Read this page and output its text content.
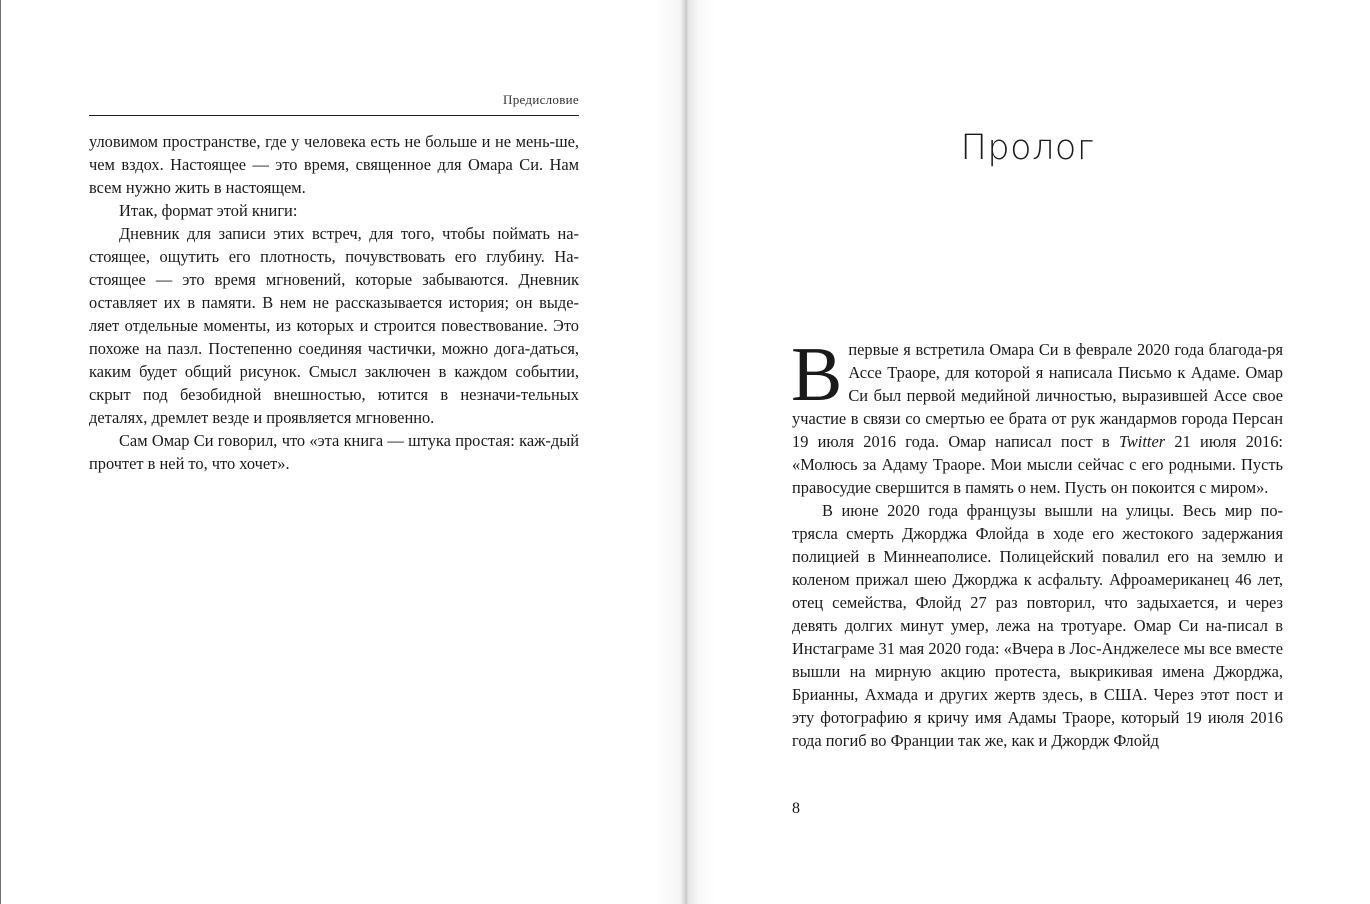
Предисловие

уловимом пространстве, где у человека есть не больше и не мень-ше, чем вздох. Настоящее — это время, священное для Омара Си. Нам всем нужно жить в настоящем.

Итак, формат этой книги:

Дневник для записи этих встреч, для того, чтобы поймать на-стоящее, ощутить его плотность, почувствовать его глубину. На-стоящее — это время мгновений, которые забываются. Дневник оставляет их в памяти. В нем не рассказывается история; он выде-ляет отдельные моменты, из которых и строится повествование. Это похоже на пазл. Постепенно соединяя частички, можно дога-даться, каким будет общий рисунок. Смысл заключен в каждом событии, скрыт под безобидной внешностью, ютится в незначи-тельных деталях, дремлет везде и проявляется мгновенно.

Сам Омар Си говорил, что «эта книга — штука простая: каж-дый прочтет в ней то, что хочет».

Пролог

Впервые я встретила Омара Си в феврале 2020 года благода-ря Ассе Траоре, для которой я написала Письмо к Адаме. Омар Си был первой медийной личностью, выразившей Ассе свое участие в связи со смертью ее брата от рук жандармов города Персан 19 июля 2016 года. Омар написал пост в Twitter 21 июля 2016: «Молюсь за Адаму Траоре. Мои мысли сейчас с его родными. Пусть правосудие свершится в память о нем. Пусть он покоится с миром».

В июне 2020 года французы вышли на улицы. Весь мир по-трясла смерть Джорджа Флойда в ходе его жестокого задержания полицией в Миннеаполисе. Полицейский повалил его на землю и коленом прижал шею Джорджа к асфальту. Афроамериканец 46 лет, отец семейства, Флойд 27 раз повторил, что задыхается, и через девять долгих минут умер, лежа на тротуаре. Омар Си на-писал в Инстаграме 31 мая 2020 года: «Вчера в Лос-Анджелесе мы все вместе вышли на мирную акцию протеста, выкрикивая имена Джорджа, Брианны, Ахмада и других жертв здесь, в США. Через этот пост и эту фотографию я кричу имя Адамы Траоре, который 19 июля 2016 года погиб во Франции так же, как и Джордж Флойд

8
